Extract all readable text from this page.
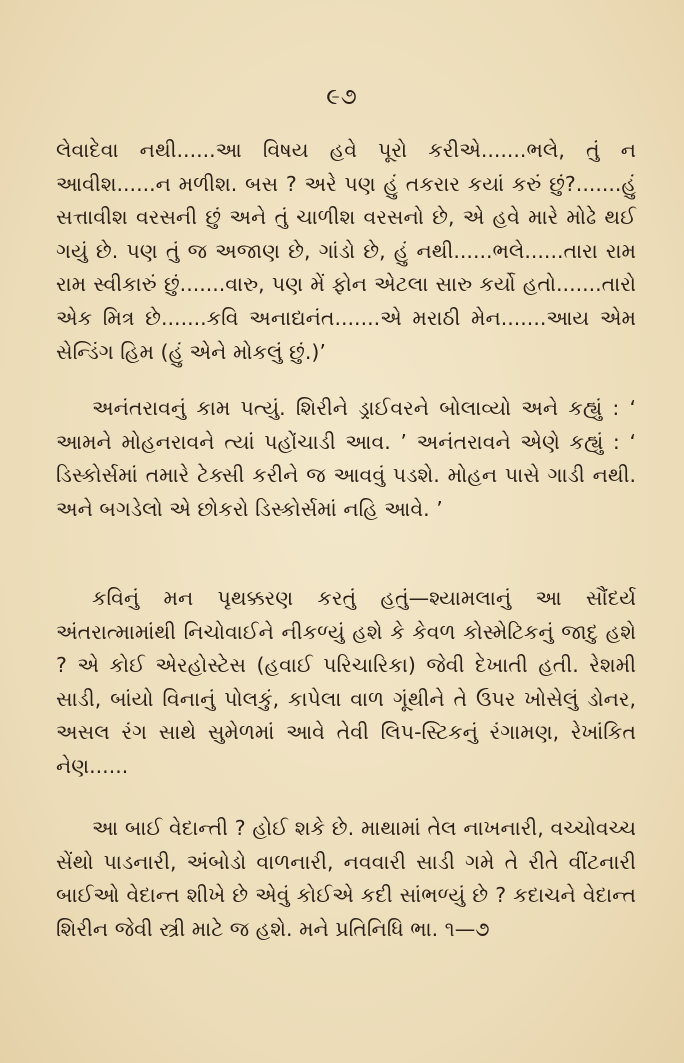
૯૭

લેવાદેવા નથી......આ વિષય હવે પૂરો કરીએ.......ભલે, તું ન આવીશ......ન મળીશ. બસ ? અરે પણ હું તકરાર કયાં કરું છું?.......હું સત્તાવીશ વરસની છું અને તું ચાળીશ વરસનો છે, એ હવે મારે મોઢે થઈ ગયું છે. પણ તું જ અજાણ છે, ગાંડો છે, હું નથી......ભલે......તારા રામ રામ સ્વીકારું છું.......વારુ, પણ મેં ફોન એટલા સારુ કર્યો હતો.......તારો એક મિત્ર છે.......કવિ અનાદ્યનંત.......એ મરાઠી મેન.......આય એમ સેન્ડિંગ હિમ (હું એને મોકલું છું.)’

અનંતરાવનું કામ પત્યું. શિરીને ડ્રાઈવરને બોલાવ્યો અને કહ્યું : ‘ આમને મોહનરાવને ત્યાં પહોંચાડી આવ. ’ અનંતરાવને એણે કહ્યું : ‘ ડિસ્કોર્સમાં તમારે ટેક્સી કરીને જ આવવું પડશે. મોહન પાસે ગાડી નથી. અને બગડેલો એ છોકરો ડિસ્કોર્સમાં નહિ આવે. ’

કવિનું મન પૃથક્કરણ કરતું હતું—શ્યામલાનું આ સૌંદર્ય અંતરાત્મામાંથી નિચોવાઈને નીકળ્યું હશે કે કેવળ કોસ્મેટિકનું જાદુ હશે ? એ કોઈ એરહોસ્ટેસ (હવાઈ પરિચારિકા) જેવી દેખાતી હતી. રેશમી સાડી, બાંયો વિનાનું પોલકું, કાપેલા વાળ ગૂંથીને તે ઉપર ખોસેલું ડોનર, અસલ રંગ સાથે સુમેળમાં આવે તેવી લિપ-સ્ટિકનું રંગામણ, રેખાંકિત નેણ......

આ બાઈ વેદાન્તી ? હોઈ શકે છે. માથામાં તેલ નાખનારી, વચ્ચોવચ્ચ સેંથો પાડનારી, અંબોડો વાળનારી, નવવારી સાડી ગમે તે રીતે વીંટનારી બાઈઓ વેદાન્ત શીખે છે એવું કોઈએ કદી સાંભળ્યું છે ? કદાચને વેદાન્ત શિરીન જેવી સ્ત્રી માટે જ હશે. મને પ્રતિનિધિ ભા. ૧—૭
